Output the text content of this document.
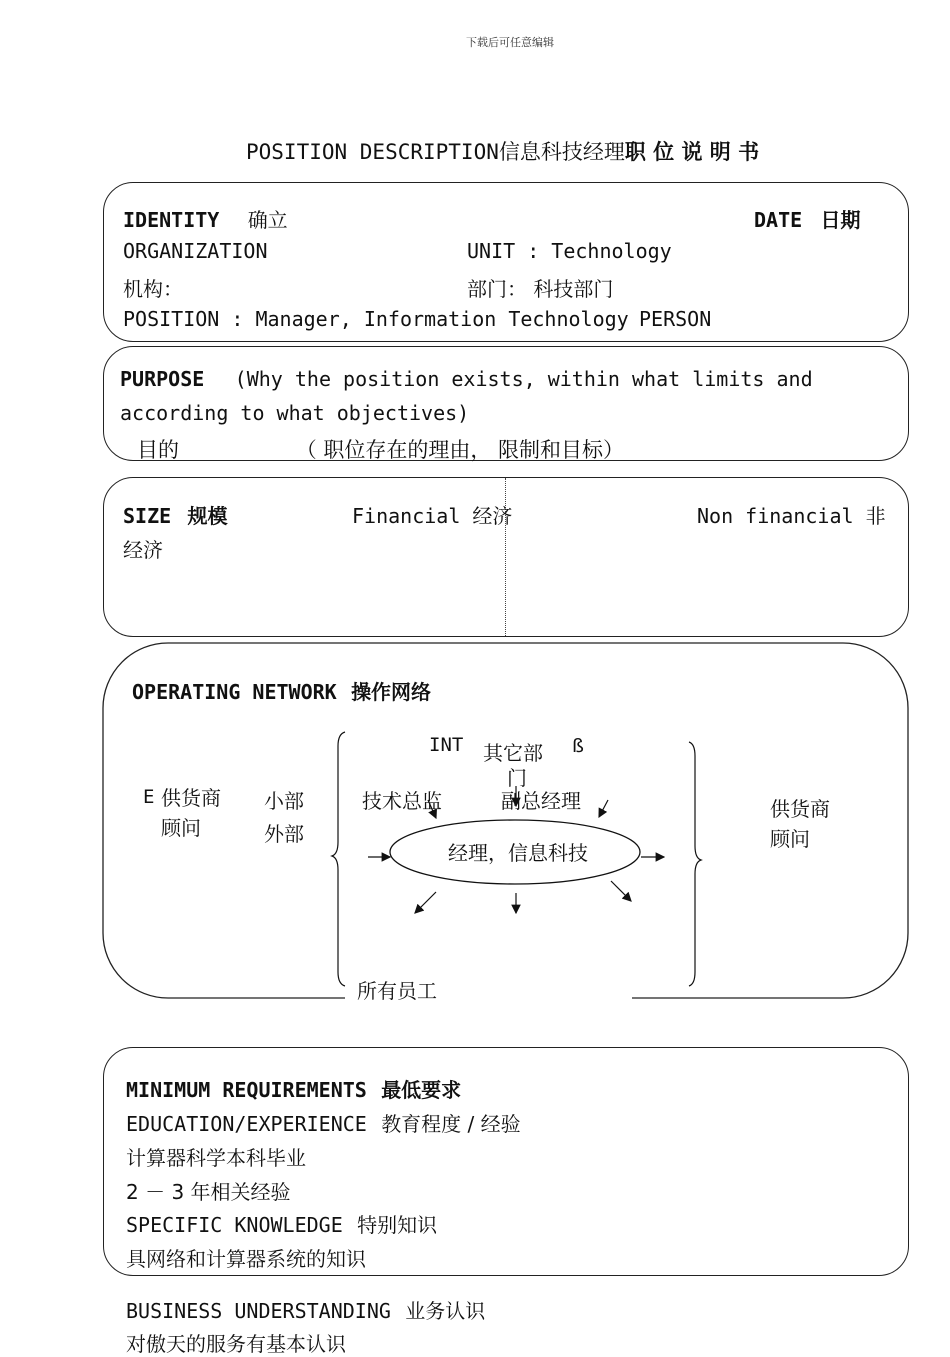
下载后可任意编辑
POSITION DESCRIPTION信息科技经理职 位 说 明 书
IDENTITY 确立	DATE 日期
ORGANIZATION	UNIT : Technology
机构：	部门： 科技部门
POSITION : Manager, Information Technology PERSON
PURPOSE (Why the position exists, within what limits and
according to what objectives)
目的	（ 职位存在的理由， 限制和目标）
SIZE 规模	Financial 经济	Non financial 非
经济
OPERATING NETWORK 操作网络
INT 其它部 ß
门
E 供货商
顾问
小部
外部
技术总监	副总经理
经理，信息科技
所有员工
供货商
顾问
MINIMUM REQUIREMENTS 最低要求
EDUCATION/EXPERIENCE 教育程度 / 经验
计算器科学本科毕业
2 － 3 年相关经验
SPECIFIC KNOWLEDGE 特别知识
具网络和计算器系统的知识
BUSINESS UNDERSTANDING 业务认识
对傲天的服务有基本认识
